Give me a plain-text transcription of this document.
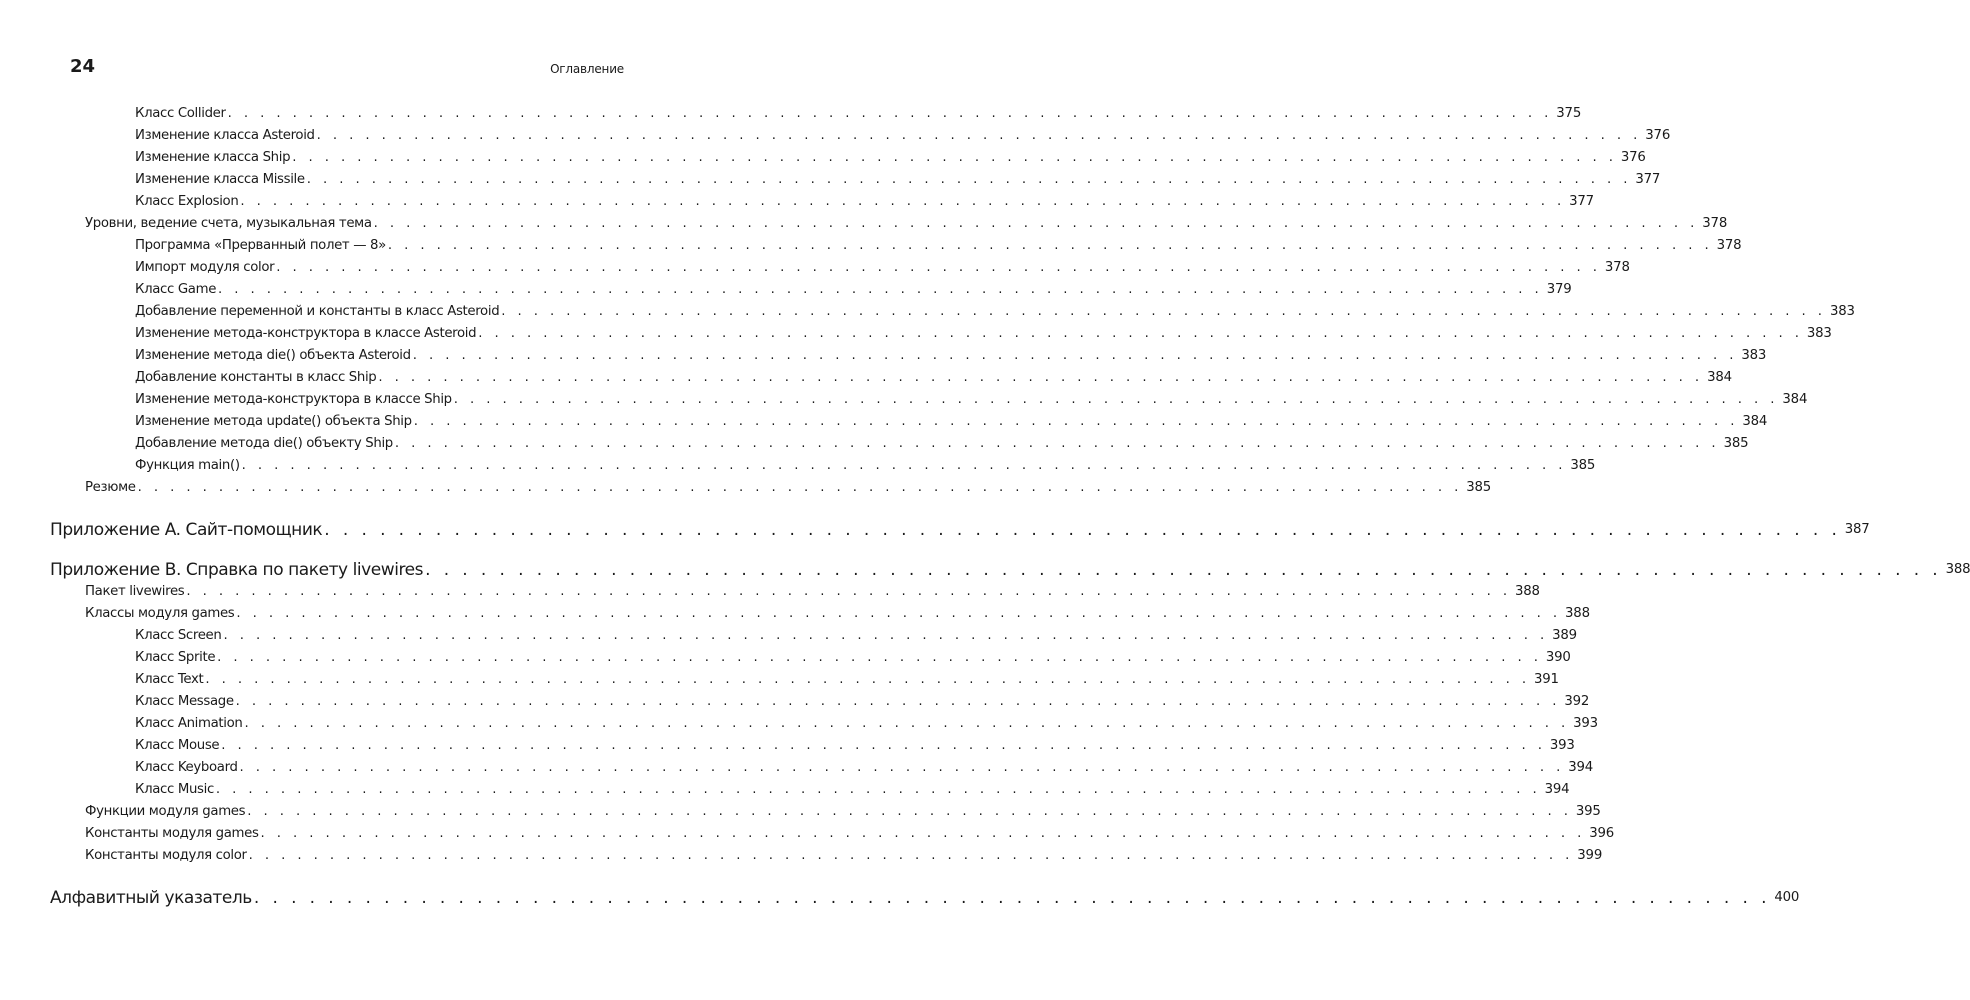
24	Оглавление
Класс Collider . . . . . . . . . . . . . . . . . . . . . . . . . . . . . . . . . . . . . . . . . . . . . . . . . . . . . . . . . . . . . . . . . . . . . . . . . . . . . . . . . . 375
Изменение класса Asteroid . . . . . . . . . . . . . . . . . . . . . . . . . . . . . . . . . . . . . . . . . . . . . . . . . . . . . . . . . . . . . . . . . . . . . . . . . . . . . . . . . . 376
Изменение класса Ship . . . . . . . . . . . . . . . . . . . . . . . . . . . . . . . . . . . . . . . . . . . . . . . . . . . . . . . . . . . . . . . . . . . . . . . . . . . . . . . . . . 376
Изменение класса Missile . . . . . . . . . . . . . . . . . . . . . . . . . . . . . . . . . . . . . . . . . . . . . . . . . . . . . . . . . . . . . . . . . . . . . . . . . . . . . . . . . . 377
Класс Explosion . . . . . . . . . . . . . . . . . . . . . . . . . . . . . . . . . . . . . . . . . . . . . . . . . . . . . . . . . . . . . . . . . . . . . . . . . . . . . . . . . . 377
Уровни, ведение счета, музыкальная тема . . . . . . . . . . . . . . . . . . . . . . . . . . . . . . . . . . . . . . . . . . . . . . . . . . . . . . . . . . . . . . . . . . . . . . . . . . . . . . . . . . 378
Программа «Прерванный полет — 8» . . . . . . . . . . . . . . . . . . . . . . . . . . . . . . . . . . . . . . . . . . . . . . . . . . . . . . . . . . . . . . . . . . . . . . . . . . . . . . . . . . 378
Импорт модуля color . . . . . . . . . . . . . . . . . . . . . . . . . . . . . . . . . . . . . . . . . . . . . . . . . . . . . . . . . . . . . . . . . . . . . . . . . . . . . . . . . . 378
Класс Game . . . . . . . . . . . . . . . . . . . . . . . . . . . . . . . . . . . . . . . . . . . . . . . . . . . . . . . . . . . . . . . . . . . . . . . . . . . . . . . . . . 379
Добавление переменной и константы в класс Asteroid . . . . . . . . . . . . . . . . . . . . . . . . . . . . . . . . . . . . . . . . . . . . . . . . . . . . . . . . . . . . . . . . . . . . . . . . . . . . . . . . . . 383
Изменение метода-конструктора в классе Asteroid . . . . . . . . . . . . . . . . . . . . . . . . . . . . . . . . . . . . . . . . . . . . . . . . . . . . . . . . . . . . . . . . . . . . . . . . . . . . . . . . . . 383
Изменение метода die() объекта Asteroid . . . . . . . . . . . . . . . . . . . . . . . . . . . . . . . . . . . . . . . . . . . . . . . . . . . . . . . . . . . . . . . . . . . . . . . . . . . . . . . . . . 383
Добавление константы в класс Ship . . . . . . . . . . . . . . . . . . . . . . . . . . . . . . . . . . . . . . . . . . . . . . . . . . . . . . . . . . . . . . . . . . . . . . . . . . . . . . . . . . 384
Изменение метода-конструктора в классе Ship . . . . . . . . . . . . . . . . . . . . . . . . . . . . . . . . . . . . . . . . . . . . . . . . . . . . . . . . . . . . . . . . . . . . . . . . . . . . . . . . . . 384
Изменение метода update() объекта Ship . . . . . . . . . . . . . . . . . . . . . . . . . . . . . . . . . . . . . . . . . . . . . . . . . . . . . . . . . . . . . . . . . . . . . . . . . . . . . . . . . . 384
Добавление метода die() объекту Ship . . . . . . . . . . . . . . . . . . . . . . . . . . . . . . . . . . . . . . . . . . . . . . . . . . . . . . . . . . . . . . . . . . . . . . . . . . . . . . . . . . 385
Функция main() . . . . . . . . . . . . . . . . . . . . . . . . . . . . . . . . . . . . . . . . . . . . . . . . . . . . . . . . . . . . . . . . . . . . . . . . . . . . . . . . . . 385
Резюме . . . . . . . . . . . . . . . . . . . . . . . . . . . . . . . . . . . . . . . . . . . . . . . . . . . . . . . . . . . . . . . . . . . . . . . . . . . . . . . . . . 385
Приложение A. Сайт-помощник . . . . . . . . . . . . . . . . . . . . . . . . . . . . . . . . . . . . . . . . . . . . . . . . . . . . . . . . . . . . . . . . . . . . . . . . . . . . . . . . . . 387
Приложение B. Справка по пакету livewires . . . . . . . . . . . . . . . . . . . . . . . . . . . . . . . . . . . . . . . . . . . . . . . . . . . . . . . . . . . . . . . . . . . . . . . . . . . . . . . . . . 388
Пакет livewires . . . . . . . . . . . . . . . . . . . . . . . . . . . . . . . . . . . . . . . . . . . . . . . . . . . . . . . . . . . . . . . . . . . . . . . . . . . . . . . . . . 388
Классы модуля games . . . . . . . . . . . . . . . . . . . . . . . . . . . . . . . . . . . . . . . . . . . . . . . . . . . . . . . . . . . . . . . . . . . . . . . . . . . . . . . . . . 388
Класс Screen . . . . . . . . . . . . . . . . . . . . . . . . . . . . . . . . . . . . . . . . . . . . . . . . . . . . . . . . . . . . . . . . . . . . . . . . . . . . . . . . . . 389
Класс Sprite . . . . . . . . . . . . . . . . . . . . . . . . . . . . . . . . . . . . . . . . . . . . . . . . . . . . . . . . . . . . . . . . . . . . . . . . . . . . . . . . . . 390
Класс Text . . . . . . . . . . . . . . . . . . . . . . . . . . . . . . . . . . . . . . . . . . . . . . . . . . . . . . . . . . . . . . . . . . . . . . . . . . . . . . . . . . 391
Класс Message . . . . . . . . . . . . . . . . . . . . . . . . . . . . . . . . . . . . . . . . . . . . . . . . . . . . . . . . . . . . . . . . . . . . . . . . . . . . . . . . . . 392
Класс Animation . . . . . . . . . . . . . . . . . . . . . . . . . . . . . . . . . . . . . . . . . . . . . . . . . . . . . . . . . . . . . . . . . . . . . . . . . . . . . . . . . . 393
Класс Mouse . . . . . . . . . . . . . . . . . . . . . . . . . . . . . . . . . . . . . . . . . . . . . . . . . . . . . . . . . . . . . . . . . . . . . . . . . . . . . . . . . . 393
Класс Keyboard . . . . . . . . . . . . . . . . . . . . . . . . . . . . . . . . . . . . . . . . . . . . . . . . . . . . . . . . . . . . . . . . . . . . . . . . . . . . . . . . . . 394
Класс Music . . . . . . . . . . . . . . . . . . . . . . . . . . . . . . . . . . . . . . . . . . . . . . . . . . . . . . . . . . . . . . . . . . . . . . . . . . . . . . . . . . 394
Функции модуля games . . . . . . . . . . . . . . . . . . . . . . . . . . . . . . . . . . . . . . . . . . . . . . . . . . . . . . . . . . . . . . . . . . . . . . . . . . . . . . . . . . 395
Константы модуля games . . . . . . . . . . . . . . . . . . . . . . . . . . . . . . . . . . . . . . . . . . . . . . . . . . . . . . . . . . . . . . . . . . . . . . . . . . . . . . . . . . 396
Константы модуля color . . . . . . . . . . . . . . . . . . . . . . . . . . . . . . . . . . . . . . . . . . . . . . . . . . . . . . . . . . . . . . . . . . . . . . . . . . . . . . . . . . 399
Алфавитный указатель . . . . . . . . . . . . . . . . . . . . . . . . . . . . . . . . . . . . . . . . . . . . . . . . . . . . . . . . . . . . . . . . . . . . . . . . . . . . . . . . . . 400
